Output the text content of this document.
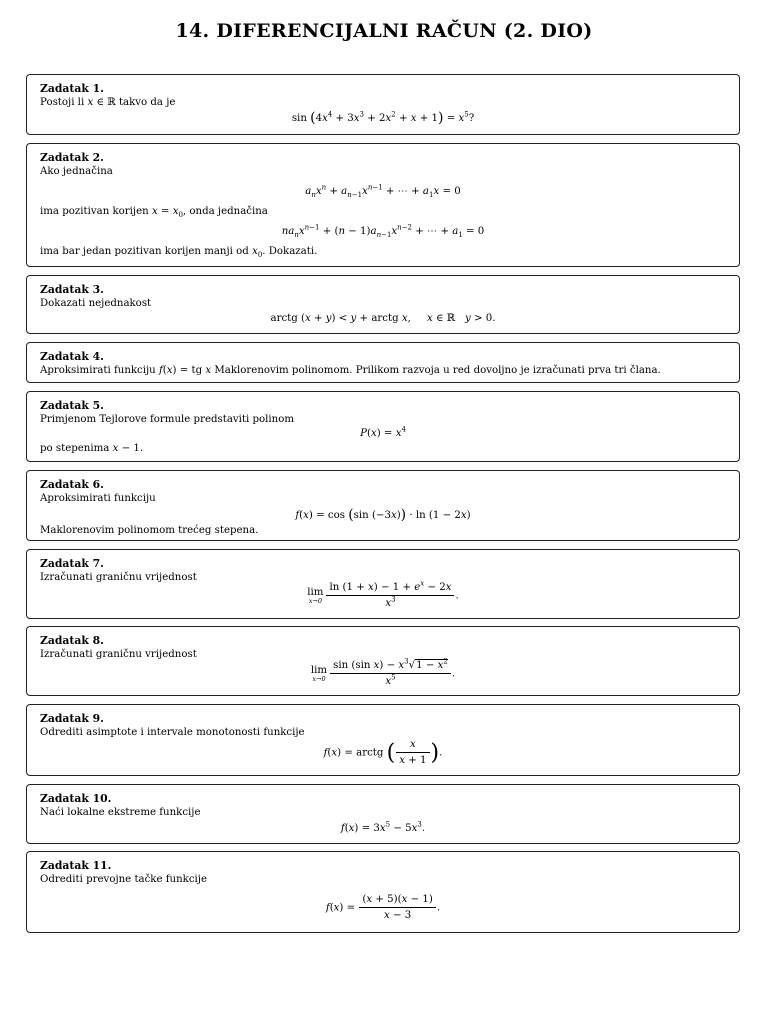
14. DIFERENCIJALNI RAČUN (2. DIO)
Zadatak 1.
Postoji li x ∈ ℝ takvo da je
$\sin (4x^4 + 3x^3 + 2x^2 + x + 1) = x^5$?
Zadatak 2.
Ako jednačina
$a_nx^n + a_{n-1}x^{n-1}$ + ⋯ + $a_1x = 0$
ima pozitivan korijen $x = x_0$, onda jednačina
$na_nx^{n-1} + (n - 1)a_{n-1}x^{n-2}$ + ⋯ + $a_1 = 0$
ima bar jedan pozitivan korijen manji od $x_0$. Dokazati.
Zadatak 3.
Dokazati nejednakost
arctg (x + y) < y + arctg x,     x ∈ ℝ   y > 0.
Zadatak 4.
Aproksimirati funkciju f(x) = tg x Maklorenovim polinomom. Prilikom razvoja u red dovoljno je izračunati prva tri člana.
Zadatak 5.
Primjenom Tejlorove formule predstaviti polinom
$P(x) = x^4$
po stepenima x − 1.
Zadatak 6.
Aproksimirati funkciju
f(x) = cos (sin (−3x)) · ln (1 − 2x)
Maklorenovim polinomom trećeg stepena.
Zadatak 7.
Izračunati graničnu vrijednost
lim
$x\to 0 \frac{\ln (1 + x) - 1 + e^x - 2x}{x^3}$ .
Zadatak 8.
Izračunati graničnu vrijednost
lim
$x\to 0 \frac{\sin (\sin x) - x^3√1 - x^2}{x^5}$ .
Zadatak 9.
Odrediti asimptote i intervale monotonosti funkcije
f(x) = arctg ( $\frac{x}{x + 1}$ ).
Zadatak 10.
Naći lokalne ekstreme funkcije
$f(x) = 3x^5 - 5x^3$.
Zadatak 11.
Odrediti prevojne tačke funkcije
$f(x) = \frac{(x + 5)(x - 1)}{x - 3}$ .
